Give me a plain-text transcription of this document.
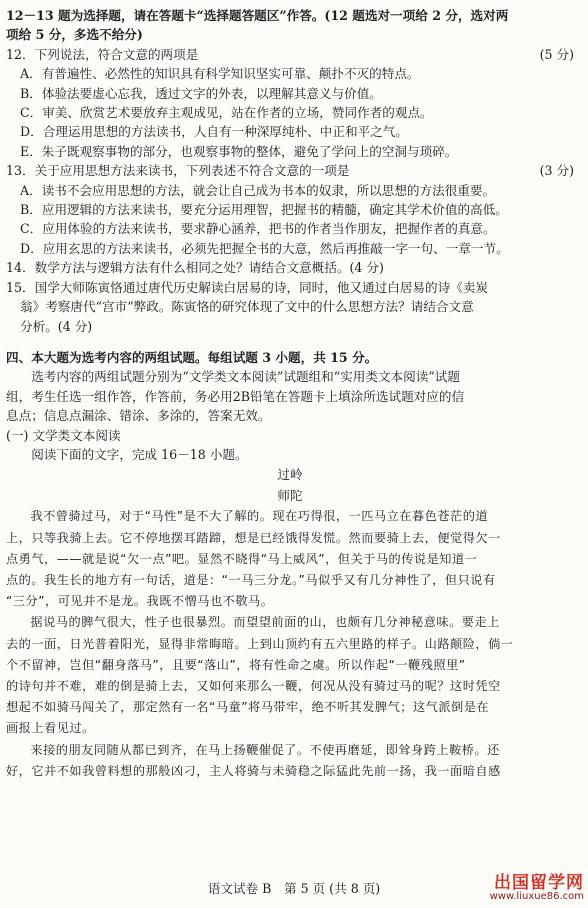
12－13 题为选择题，请在答题卡“选择题答题区”作答。(12 题选对一项给 2 分，选对两
项给 5 分，多选不给分)
12．下列说法，符合文意的两项是	(5 分)
A．有普遍性、必然性的知识具有科学知识坚实可靠、颠扑不灭的特点。
B．体验法要虚心忘我，透过文字的外表，以理解其意义与价值。
C．审美、欣赏艺术要放弃主观成见，站在作者的立场，赞同作者的观点。
D．合理运用思想的方法读书，人自有一种深厚纯朴、中正和平之气。
E．朱子既观察事物的部分，也观察事物的整体，避免了学问上的空洞与琐碎。
13．关于应用思想方法来读书，下列表述不符合文意的一项是	(3 分)
A．读书不会应用思想的方法，就会让自己成为书本的奴隶，所以思想的方法很重要。
B．应用逻辑的方法来读书，要充分运用理智，把握书的精髓，确定其学术价值的高低。
C．应用体验的方法来读书，要求静心涵养，把书的作者当作朋友，把握作者的真意。
D．应用玄思的方法来读书，必须先把握全书的大意，然后再推敲一字一句、一章一节。
14．数学方法与逻辑方法有什么相同之处？请结合文意概括。(4 分)
15．国学大师陈寅恪通过唐代历史解读白居易的诗，同时，他又通过白居易的诗《卖炭
翁》考察唐代“宫市”弊政。陈寅恪的研究体现了文中的什么思想方法？请结合文意
分析。(4 分)
四、本大题为选考内容的两组试题。每组试题 3 小题，共 15 分。
选考内容的两组试题分别为“文学类文本阅读”试题组和“实用类文本阅读”试题
组，考生任选一组作答，作答前，务必用2B铅笔在答题卡上填涂所选试题对应的信
息点；信息点漏涂、错涂、多涂的，答案无效。
(一) 文学类文本阅读
阅读下面的文字，完成 16－18 小题。
过岭
师陀
我不曾骑过马，对于“马性”是不大了解的。现在巧得很，一匹马立在暮色苍茫的道
上，只等我骑上去。它不停地摆耳踏蹄，想是已经饿得发慌。然而要骑上去，便觉得欠一
点勇气，——就是说“欠一点”吧。显然不晓得“马上威风”，但关于马的传说是知道一
点的。我生长的地方有一句话，道是：“一马三分龙。”马似乎又有几分神性了，但只说有
“三分”，可见并不是龙。我既不憎马也不敬马。
据说马的脾气很大，性子也很暴烈。而望望前面的山，也颇有几分神秘意味。要走上
去的一面，日光普着阳光，显得非常晦暗。上到山顶约有五六里路的样子。山路颠险，倘一
个不留神，岂但“翻身落马”，且要“落山”，将有性命之虞。所以作起“一鞭残照里”
的诗句并不难，难的倒是骑上去，又如何来那么一鞭，何况从没有骑过马的呢？这时凭空
想起不如骑马闯关了，那定然有一名“马童”将马带牢，绝不听其发脾气；这气派倒是在
画报上看见过。
来接的朋友同随从都已到齐，在马上扬鞭催促了。不使再磨延，即耸身跨上鞍桥。还
好，它并不如我曾料想的那般凶刁，主人将骑与未骑稳之际猛此先前一扬，我一面暗自感
语文试卷 B　第 5 页 (共 8 页)	出国留学网
www.liuxue86.com
